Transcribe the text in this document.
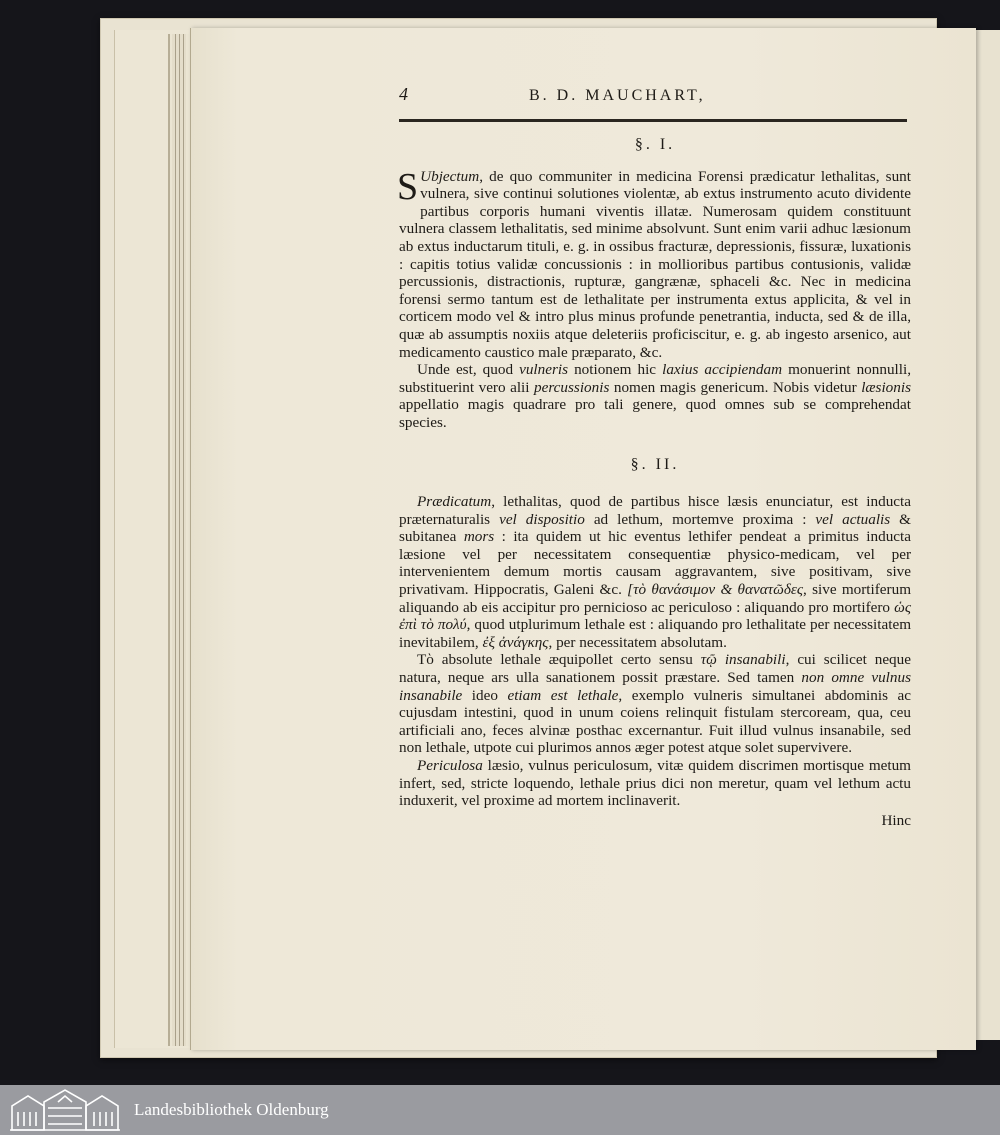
4	B. D. MAUCHART,
§. I.

S Ubjectum, de quo communiter in medicina Forensi prædicatur lethalitas, sunt vulnera, sive continui solutiones violentæ, ab extus instrumento acuto dividente partibus corporis humani viventis illatæ. Numerosam quidem constituunt vulnera classem lethalitatis, sed minime absolvunt. Sunt enim varii adhuc læsionum ab extus inductarum tituli, e. g. in ossibus fracturæ, depressionis, fissuræ, luxationis : capitis totius validæ concussionis : in mollioribus partibus contusionis, validæ percussionis, distractionis, rupturæ, gangrænæ, sphaceli &c. Nec in medicina forensi sermo tantum est de lethalitate per instrumenta extus applicita, & vel in corticem modo vel & intro plus minus profunde penetrantia, inducta, sed & de illa, quæ ab assumptis noxiis atque deleteriis proficiscitur, e. g. ab ingesto arsenico, aut medicamento caustico male præparato, &c.

Unde est, quod vulneris notionem hic laxius accipiendam monuerint nonnulli, substituerint vero alii percussionis nomen magis genericum. Nobis videtur læsionis appellatio magis quadrare pro tali genere, quod omnes sub se comprehendat species.

§. II.

Prædicatum, lethalitas, quod de partibus hisce læsis enunciatur, est inducta præternaturalis vel dispositio ad lethum, mortemve proxima : vel actualis & subitanea mors : ita quidem ut hic eventus lethifer pendeat a primitus inducta læsione vel per necessitatem consequentiæ physico-medicam, vel per intervenientem demum mortis causam aggravantem, sive positivam, sive privativam. Hippocratis, Galeni &c. [τὸ θανάσιμον & θανατῶδες, sive mortiferum aliquando ab eis accipitur pro pernicioso ac periculoso : aliquando pro mortifero ὡς ἐπὶ τὸ πολύ, quod utplurimum lethale est : aliquando pro lethalitate per necessitatem inevitabilem, ἐξ ἀνάγκης, per necessitatem absolutam.

Τὸ absolute lethale æquipollet certo sensu τῷ insanabili, cui scilicet neque natura, neque ars ulla sanationem possit præstare. Sed tamen non omne vulnus insanabile ideo etiam est lethale, exemplo vulneris simultanei abdominis ac cujusdam intestini, quod in unum coiens relinquit fistulam stercoream, qua, ceu artificiali ano, feces alvinæ posthac excernantur. Fuit illud vulnus insanabile, sed non lethale, utpote cui plurimos annos æger potest atque solet supervivere.

Periculosa læsio, vulnus periculosum, vitæ quidem discrimen mortisque metum infert, sed, stricte loquendo, lethale prius dici non meretur, quam vel lethum actu induxerit, vel proxime ad mortem inclinaverit.

Hinc
Landesbibliothek Oldenburg
